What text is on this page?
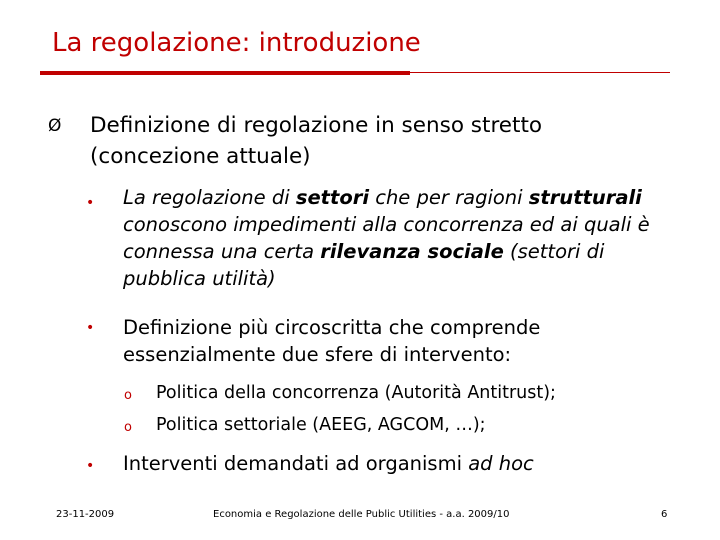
La regolazione: introduzione
Ø Definizione di regolazione in senso stretto (concezione attuale)
• La regolazione di settori che per ragioni strutturali conoscono impedimenti alla concorrenza ed ai quali è connessa una certa rilevanza sociale (settori di pubblica utilità)
• Definizione più circoscritta che comprende essenzialmente due sfere di intervento:
o Politica della concorrenza (Autorità Antitrust);
o Politica settoriale (AEEG, AGCOM, …);
• Interventi demandati ad organismi ad hoc
23-11-2009	Economia e Regolazione delle Public Utilities - a.a. 2009/10	6
